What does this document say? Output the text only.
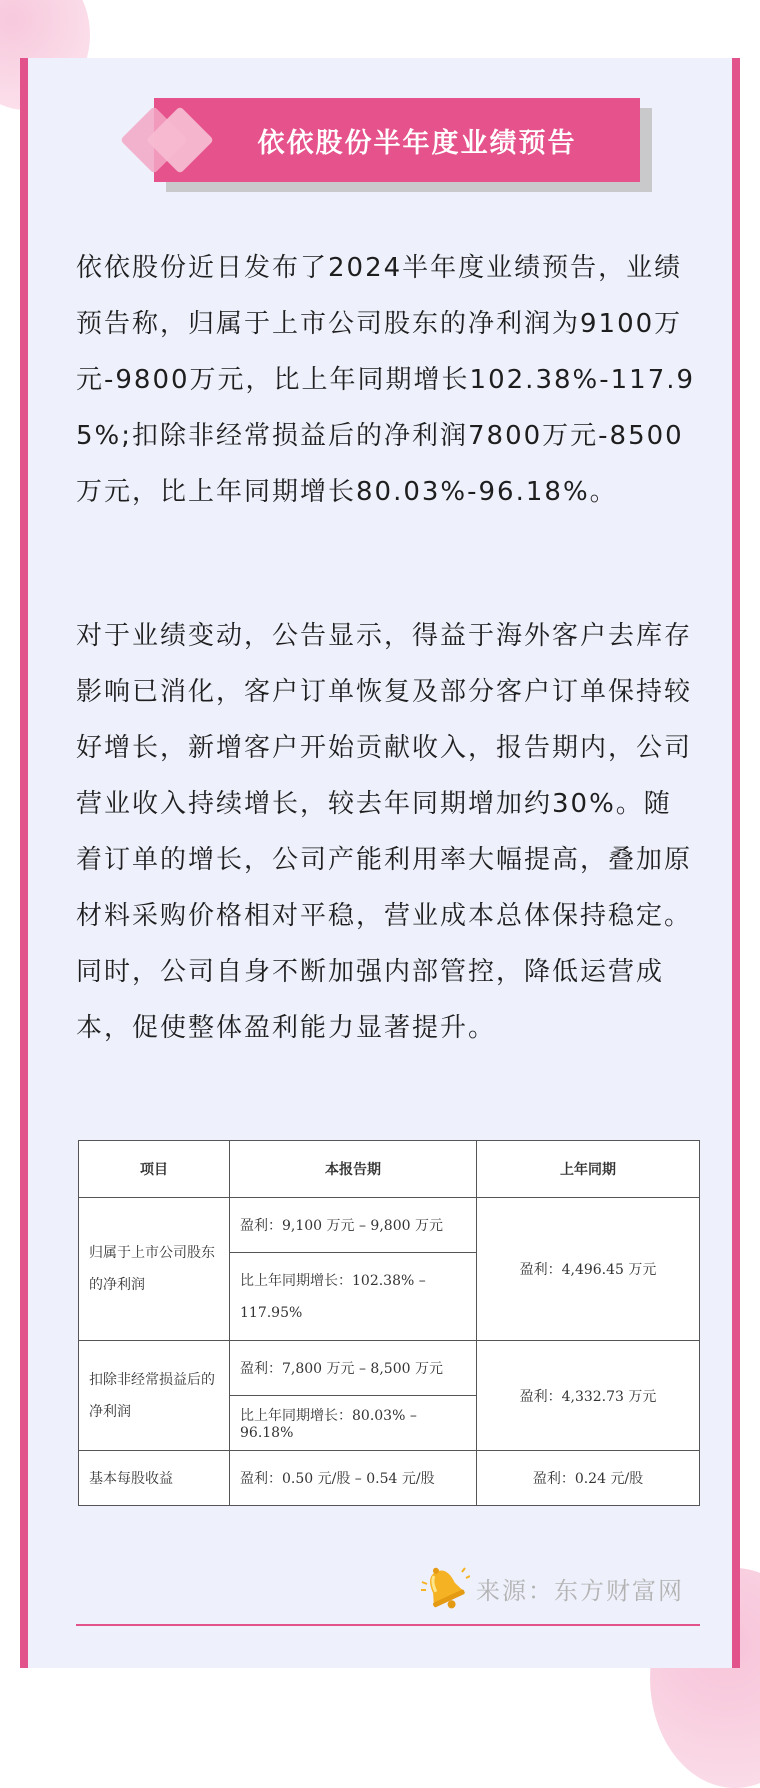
依依股份半年度业绩预告

依依股份近日发布了2024半年度业绩预告，业绩预告称，归属于上市公司股东的净利润为9100万元-9800万元，比上年同期增长102.38%-117.95%;扣除非经常损益后的净利润7800万元-8500万元，比上年同期增长80.03%-96.18%。

对于业绩变动，公告显示，得益于海外客户去库存影响已消化，客户订单恢复及部分客户订单保持较好增长，新增客户开始贡献收入，报告期内，公司营业收入持续增长，较去年同期增加约30%。随着订单的增长，公司产能利用率大幅提高，叠加原材料采购价格相对平稳，营业成本总体保持稳定。同时，公司自身不断加强内部管控，降低运营成本，促使整体盈利能力显著提升。

项目	本报告期	上年同期
归属于上市公司股东的净利润	盈利：9,100 万元 – 9,800 万元	盈利：4,496.45 万元
	比上年同期增长：102.38% – 117.95%	
扣除非经常损益后的净利润	盈利：7,800 万元 – 8,500 万元	盈利：4,332.73 万元
	比上年同期增长：80.03% – 96.18%	
基本每股收益	盈利：0.50 元/股 – 0.54 元/股	盈利：0.24 元/股
来源：东方财富网
